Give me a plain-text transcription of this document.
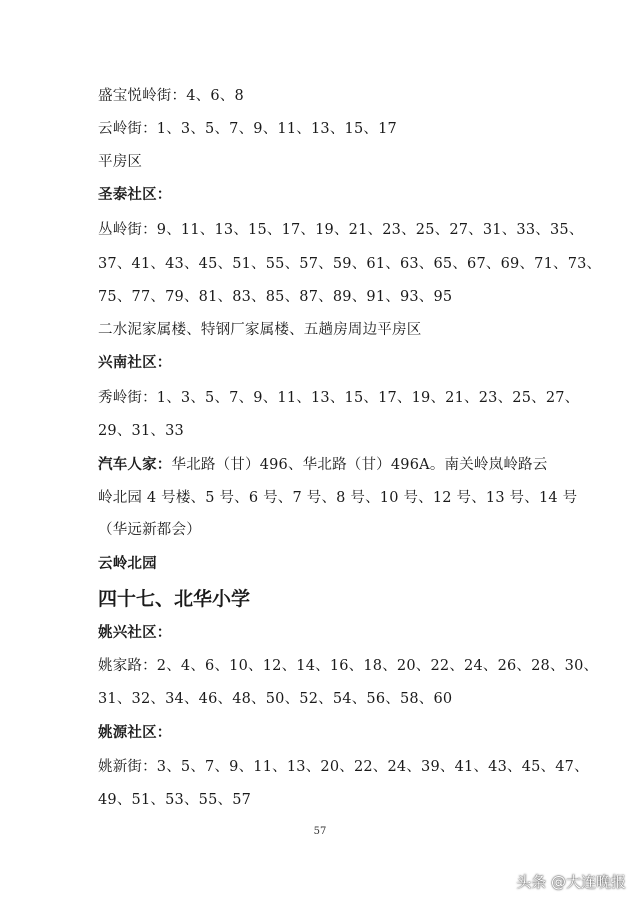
盛宝悦岭街：4、6、8
云岭街：1、3、5、7、9、11、13、15、17
平房区
圣泰社区：
丛岭街：9、11、13、15、17、19、21、23、25、27、31、33、35、
37、41、43、45、51、55、57、59、61、63、65、67、69、71、73、
75、77、79、81、83、85、87、89、91、93、95
二水泥家属楼、特钢厂家属楼、五趟房周边平房区
兴南社区：
秀岭街：1、3、5、7、9、11、13、15、17、19、21、23、25、27、
29、31、33
汽车人家：华北路（甘）496、华北路（甘）496A。南关岭岚岭路云
岭北园 4 号楼、5 号、6 号、7 号、8 号、10 号、12 号、13 号、14 号
（华远新都会）
云岭北园
四十七、北华小学
姚兴社区：
姚家路：2、4、6、10、12、14、16、18、20、22、24、26、28、30、
31、32、34、46、48、50、52、54、56、58、60
姚源社区：
姚新街：3、5、7、9、11、13、20、22、24、39、41、43、45、47、
49、51、53、55、57
57
头条 @大连晚报
